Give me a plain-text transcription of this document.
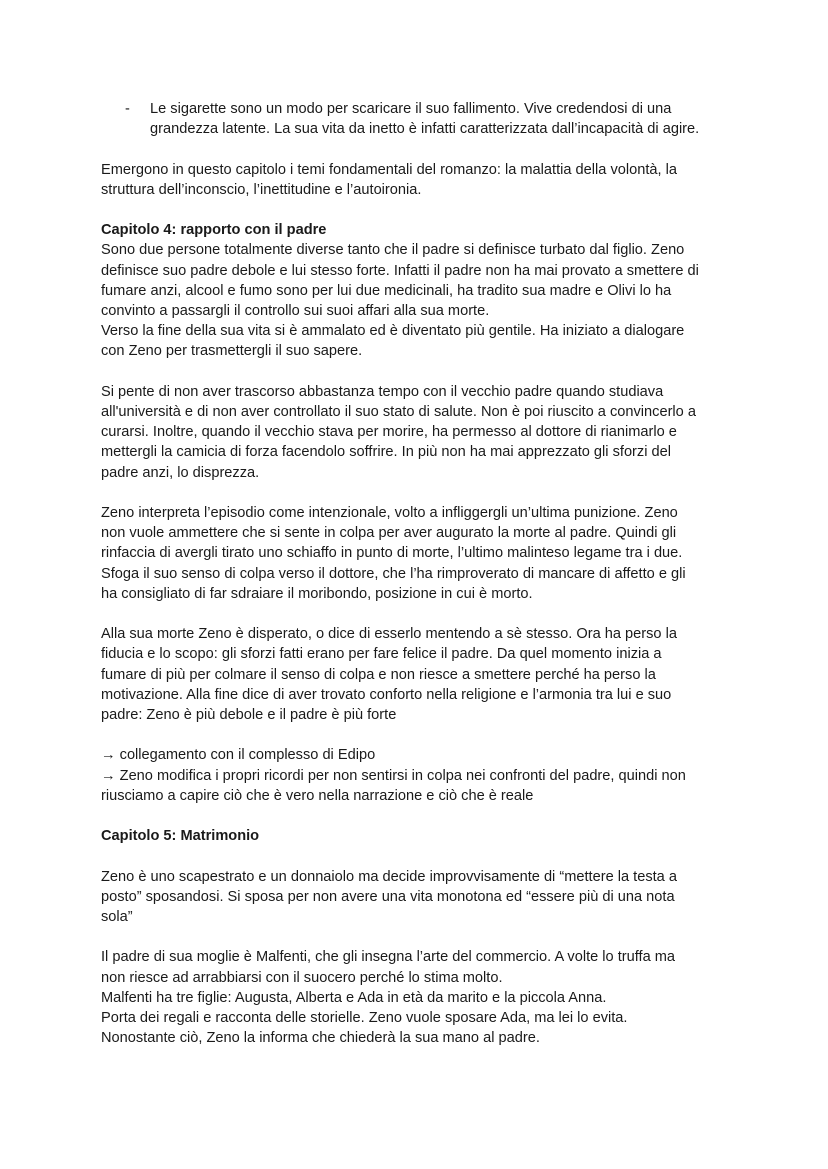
- Le sigarette sono un modo per scaricare il suo fallimento. Vive credendosi di una
grandezza latente. La sua vita da inetto è infatti caratterizzata dall’incapacità di agire.
Emergono in questo capitolo i temi fondamentali del romanzo: la malattia della volontà, la
struttura dell’inconscio, l’inettitudine e l’autoironia.
Capitolo 4: rapporto con il padre
Sono due persone totalmente diverse tanto che il padre si definisce turbato dal figlio. Zeno
definisce suo padre debole e lui stesso forte. Infatti il padre non ha mai provato a smettere di
fumare anzi, alcool e fumo sono per lui due medicinali, ha tradito sua madre e Olivi lo ha
convinto a passargli il controllo sui suoi affari alla sua morte.
Verso la fine della sua vita si è ammalato ed è diventato più gentile. Ha iniziato a dialogare
con Zeno per trasmettergli il suo sapere.
Si pente di non aver trascorso abbastanza tempo con il vecchio padre quando studiava
all'università e di non aver controllato il suo stato di salute. Non è poi riuscito a convincerlo a
curarsi. Inoltre, quando il vecchio stava per morire, ha permesso al dottore di rianimarlo e
mettergli la camicia di forza facendolo soffrire. In più non ha mai apprezzato gli sforzi del
padre anzi, lo disprezza.
Zeno interpreta l’episodio come intenzionale, volto a infliggergli un’ultima punizione. Zeno
non vuole ammettere che si sente in colpa per aver augurato la morte al padre. Quindi gli
rinfaccia di avergli tirato uno schiaffo in punto di morte, l’ultimo malinteso legame tra i due.
Sfoga il suo senso di colpa verso il dottore, che l’ha rimproverato di mancare di affetto e gli
ha consigliato di far sdraiare il moribondo, posizione in cui è morto.
Alla sua morte Zeno è disperato, o dice di esserlo mentendo a sè stesso. Ora ha perso la
fiducia e lo scopo: gli sforzi fatti erano per fare felice il padre. Da quel momento inizia a
fumare di più per colmare il senso di colpa e non riesce a smettere perché ha perso la
motivazione. Alla fine dice di aver trovato conforto nella religione e l’armonia tra lui e suo
padre: Zeno è più debole e il padre è più forte
→ collegamento con il complesso di Edipo
→ Zeno modifica i propri ricordi per non sentirsi in colpa nei confronti del padre, quindi non
riusciamo a capire ciò che è vero nella narrazione e ciò che è reale
Capitolo 5: Matrimonio
Zeno è uno scapestrato e un donnaiolo ma decide improvvisamente di “mettere la testa a
posto” sposandosi. Si sposa per non avere una vita monotona ed “essere più di una nota
sola”
Il padre di sua moglie è Malfenti, che gli insegna l’arte del commercio. A volte lo truffa ma
non riesce ad arrabbiarsi con il suocero perché lo stima molto.
Malfenti ha tre figlie: Augusta, Alberta e Ada in età da marito e la piccola Anna.
Porta dei regali e racconta delle storielle. Zeno vuole sposare Ada, ma lei lo evita.
Nonostante ciò, Zeno la informa che chiederà la sua mano al padre.
